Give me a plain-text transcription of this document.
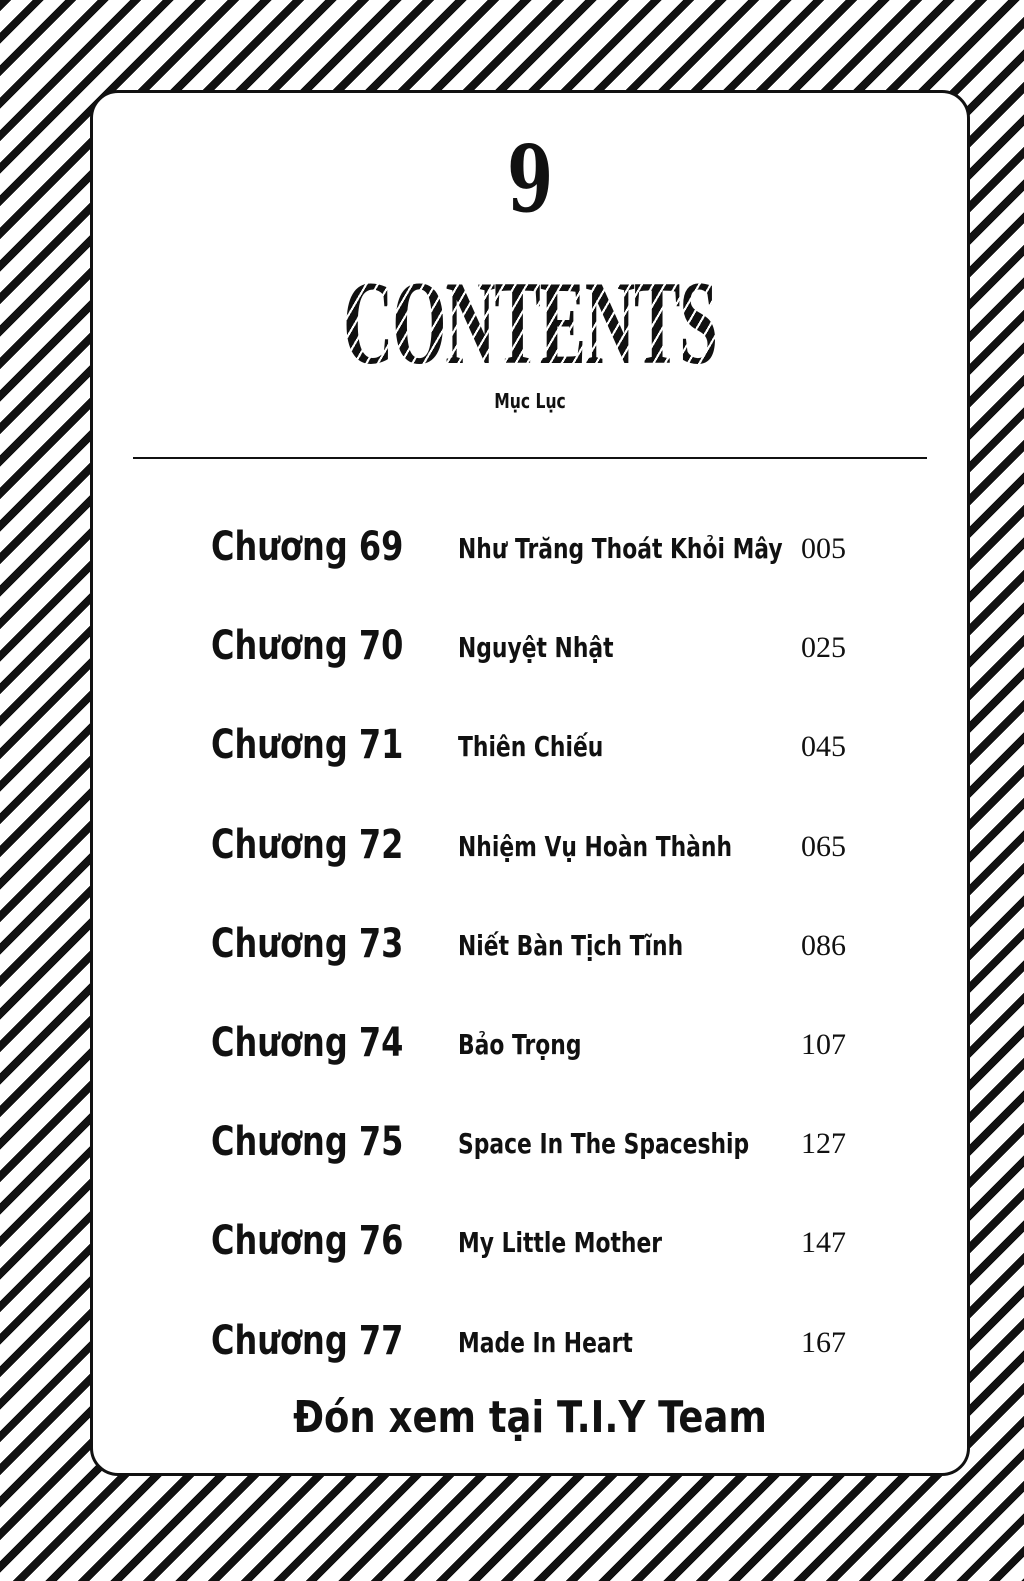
9
CONTENTS
Mục Lục
Chương 69 Như Trăng Thoát Khỏi Mây 005
Chương 70 Nguyệt Nhật	025
Chương 71 Thiên Chiếu	045
Chương 72 Nhiệm Vụ Hoàn Thành	065
Chương 73 Niết Bàn Tịch Tĩnh	086
Chương 74 Bảo Trọng	107
Chương 75 Space In The Spaceship	127
Chương 76 My Little Mother	147
Chương 77 Made In Heart	167
Đón xem tại T.I.Y Team
